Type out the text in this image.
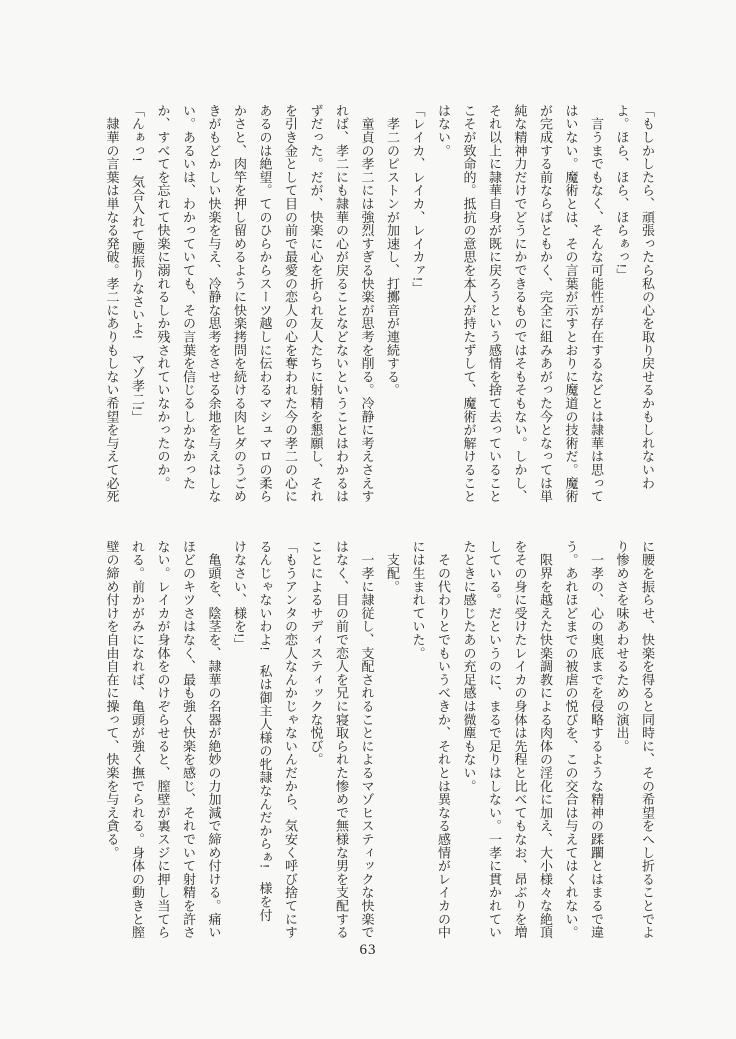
「もしかしたら、頑張ったら私の心を取り戻せるかもしれないわ
よ。ほら、ほら、ほらぁっ!」
　言うまでもなく、そんな可能性が存在するなどとは隷華は思って
はいない。魔術とは、その言葉が示すとおりに魔道の技術だ。魔術
が完成する前ならばともかく、完全に組みあがった今となっては単
純な精神力だけでどうにかできるものではそもそもない。しかし、
それ以上に隷華自身が既に戻ろうという感情を捨て去っていること
こそが致命的。抵抗の意思を本人が持たずして、魔術が解けること
はない。
「レイカ、レイカ、レイカァ!」
　孝二のピストンが加速し、打擲音が連続する。
　童貞の孝二には強烈すぎる快楽が思考を削る。冷静に考えさえす
れば、孝二にも隷華の心が戻ることなどないということはわかるは
ずだった。だが、快楽に心を折られ友人たちに射精を懇願し、それ
を引き金として目の前で最愛の恋人の心を奪われた今の孝二の心に
あるのは絶望。てのひらからスーツ越しに伝わるマシュマロの柔ら
かさと、肉竿を押し留めるように快楽拷問を続ける肉ヒダのうごめ
きがもどかしい快楽を与え、冷静な思考をさせる余地を与えはしな
い。あるいは、わかっていても、その言葉を信じるしかなかった
か、すべてを忘れて快楽に溺れるしか残されていなかったのか。
「んぁっ!　気合入れて腰振りなさいよ!　マゾ孝二!」
　隷華の言葉は単なる発破。孝二にありもしない希望を与えて必死
に腰を振らせ、快楽を得ると同時に、その希望をへし折ることでよ
り惨めさを味あわせるための演出。
　一孝の、心の奥底までを侵略するような精神の蹂躙とはまるで違
う。あれほどまでの被虐の悦びを、この交合は与えてはくれない。
　限界を越えた快楽調教による肉体の淫化に加え、大小様々な絶頂
をその身に受けたレイカの身体は先程と比べてもなお、昂ぶりを増
している。だというのに、まるで足りはしない。一孝に貫かれてい
たときに感じたあの充足感は微塵もない。
　その代わりとでもいうべきか、それとは異なる感情がレイカの中
には生まれていた。
　支配。
　一孝に隷従し、支配されることによるマゾヒスティックな快楽で
はなく、目の前で恋人を兄に寝取られた惨めで無様な男を支配する
ことによるサディスティックな悦び。
「もうアンタの恋人なんかじゃないんだから、気安く呼び捨てにす
るんじゃないわよ!　私は御主人様の牝隷なんだからぁ!　様を付
けなさい、様を!」
　亀頭を、陰茎を、隷華の名器が絶妙の力加減で締め付ける。痛い
ほどのキツさはなく、最も強く快楽を感じ、それでいて射精を許さ
ない。レイカが身体をのけぞらせると、膣壁が裏スジに押し当てら
れる。前かがみになれば、亀頭が強く撫でられる。身体の動きと膣
壁の締め付けを自由自在に操って、快楽を与え貪る。
63
